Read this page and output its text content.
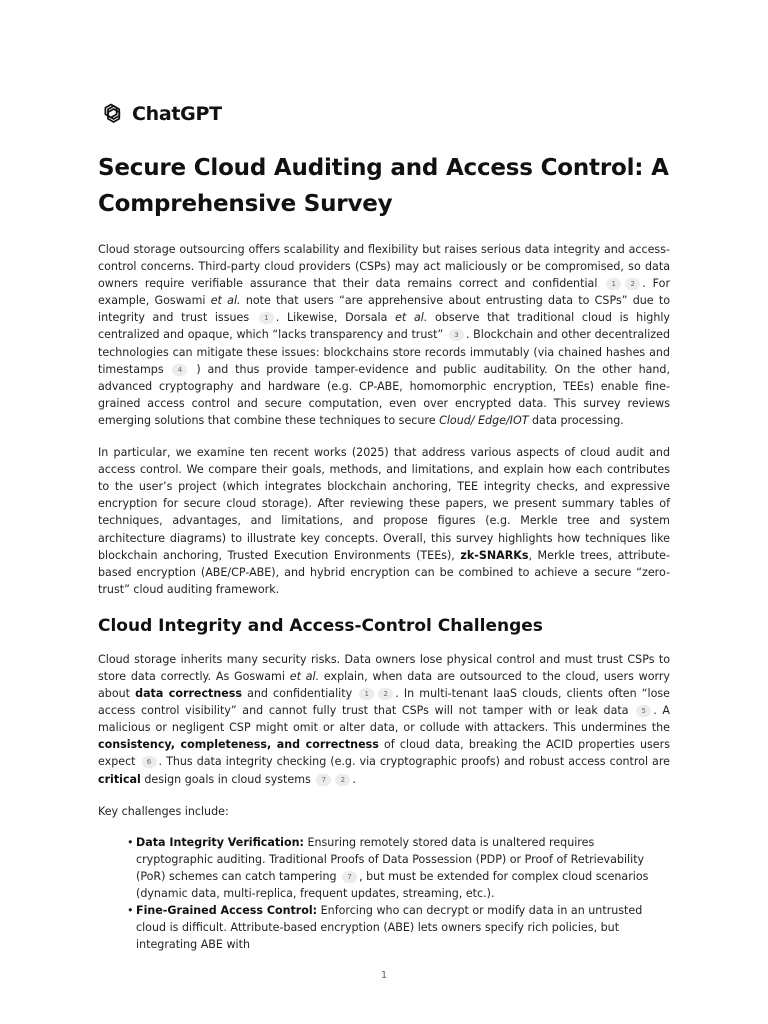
ChatGPT
Secure Cloud Auditing and Access Control: A Comprehensive Survey

Cloud storage outsourcing offers scalability and flexibility but raises serious data integrity and access-control concerns. Third-party cloud providers (CSPs) may act maliciously or be compromised, so data owners require verifiable assurance that their data remains correct and confidential 1 2 . For example, Goswami et al. note that users “are apprehensive about entrusting data to CSPs” due to integrity and trust issues 1 . Likewise, Dorsala et al. observe that traditional cloud is highly centralized and opaque, which “lacks transparency and trust” 3 . Blockchain and other decentralized technologies can mitigate these issues: blockchains store records immutably (via chained hashes and timestamps 4 ) and thus provide tamper-evidence and public auditability. On the other hand, advanced cryptography and hardware (e.g. CP-ABE, homomorphic encryption, TEEs) enable fine-grained access control and secure computation, even over encrypted data. This survey reviews emerging solutions that combine these techniques to secure Cloud/ Edge/IOT data processing.

In particular, we examine ten recent works (2025) that address various aspects of cloud audit and access control. We compare their goals, methods, and limitations, and explain how each contributes to the user’s project (which integrates blockchain anchoring, TEE integrity checks, and expressive encryption for secure cloud storage). After reviewing these papers, we present summary tables of techniques, advantages, and limitations, and propose figures (e.g. Merkle tree and system architecture diagrams) to illustrate key concepts. Overall, this survey highlights how techniques like blockchain anchoring, Trusted Execution Environments (TEEs), zk-SNARKs, Merkle trees, attribute-based encryption (ABE/CP-ABE), and hybrid encryption can be combined to achieve a secure “zero-trust” cloud auditing framework.

Cloud Integrity and Access-Control Challenges

Cloud storage inherits many security risks. Data owners lose physical control and must trust CSPs to store data correctly. As Goswami et al. explain, when data are outsourced to the cloud, users worry about data correctness and confidentiality 1 2 . In multi-tenant IaaS clouds, clients often “lose access control visibility” and cannot fully trust that CSPs will not tamper with or leak data 5 . A malicious or negligent CSP might omit or alter data, or collude with attackers. This undermines the consistency, completeness, and correctness of cloud data, breaking the ACID properties users expect 6 . Thus data integrity checking (e.g. via cryptographic proofs) and robust access control are critical design goals in cloud systems 7 2 .

Key challenges include:

• Data Integrity Verification: Ensuring remotely stored data is unaltered requires cryptographic auditing. Traditional Proofs of Data Possession (PDP) or Proof of Retrievability (PoR) schemes can catch tampering 7 , but must be extended for complex cloud scenarios (dynamic data, multi-replica, frequent updates, streaming, etc.).
• Fine-Grained Access Control: Enforcing who can decrypt or modify data in an untrusted cloud is difficult. Attribute-based encryption (ABE) lets owners specify rich policies, but integrating ABE with
1
